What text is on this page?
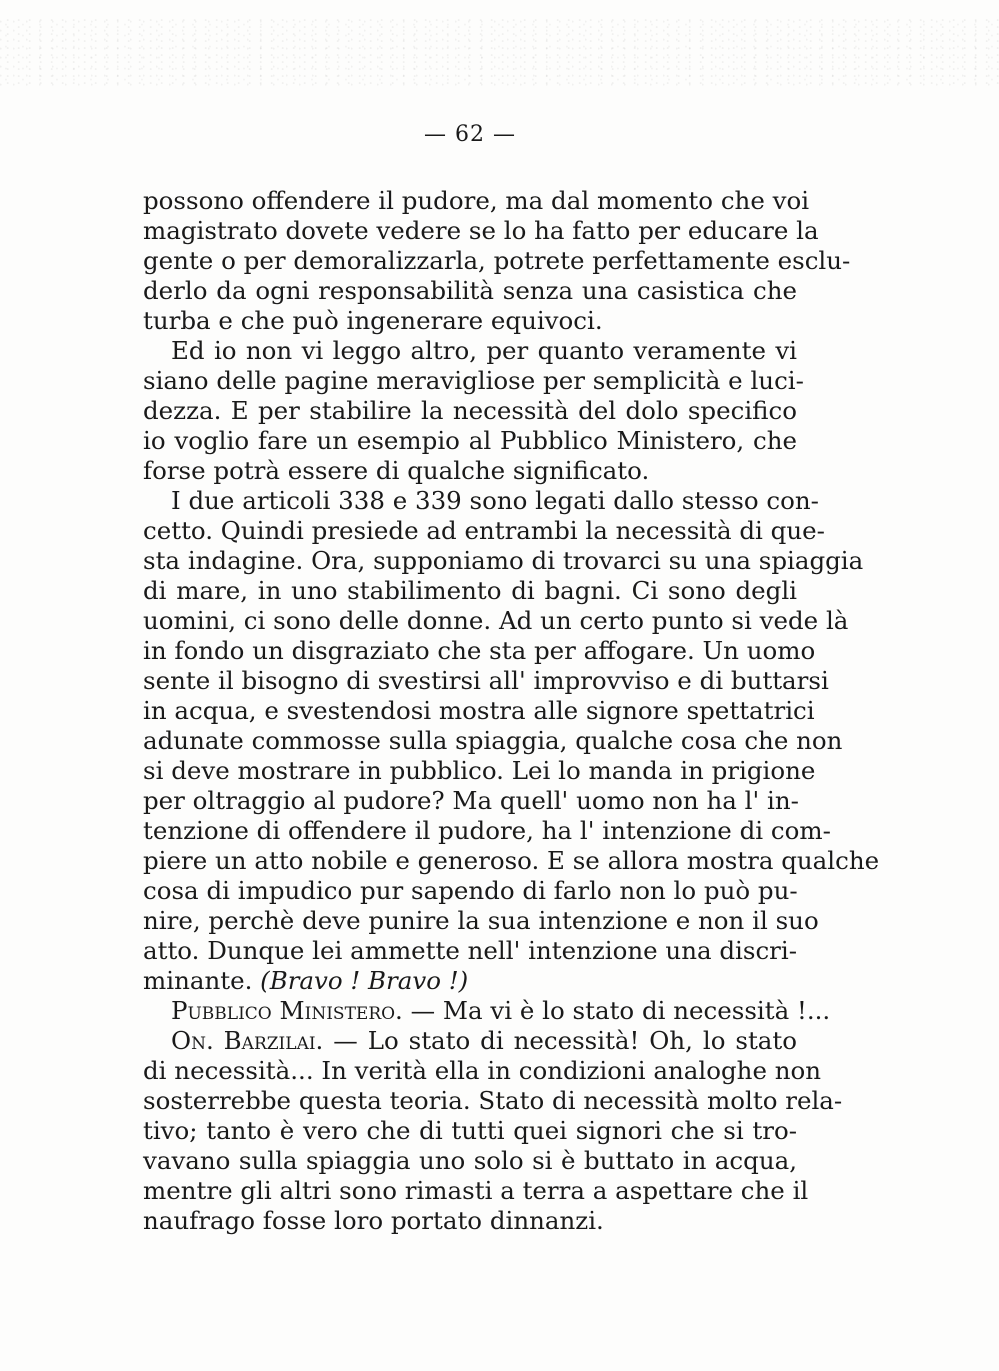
— 62 —
possono offendere il pudore, ma dal momento che voi
magistrato dovete vedere se lo ha fatto per educare la
gente o per demoralizzarla, potrete perfettamente esclu-
derlo da ogni responsabilità senza una casistica che
turba e che può ingenerare equivoci.
Ed io non vi leggo altro, per quanto veramente vi
siano delle pagine meravigliose per semplicità e luci-
dezza. E per stabilire la necessità del dolo specifico
io voglio fare un esempio al Pubblico Ministero, che
forse potrà essere di qualche significato.
I due articoli 338 e 339 sono legati dallo stesso con-
cetto. Quindi presiede ad entrambi la necessità di que-
sta indagine. Ora, supponiamo di trovarci su una spiaggia
di mare, in uno stabilimento di bagni. Ci sono degli
uomini, ci sono delle donne. Ad un certo punto si vede là
in fondo un disgraziato che sta per affogare. Un uomo
sente il bisogno di svestirsi all' improvviso e di buttarsi
in acqua, e svestendosi mostra alle signore spettatrici
adunate commosse sulla spiaggia, qualche cosa che non
si deve mostrare in pubblico. Lei lo manda in prigione
per oltraggio al pudore? Ma quell' uomo non ha l' in-
tenzione di offendere il pudore, ha l' intenzione di com-
piere un atto nobile e generoso. E se allora mostra qualche
cosa di impudico pur sapendo di farlo non lo può pu-
nire, perchè deve punire la sua intenzione e non il suo
atto. Dunque lei ammette nell' intenzione una discri-
minante. (Bravo ! Bravo !)
Pubblico Ministero. — Ma vi è lo stato di necessità !...
On. Barzilai. — Lo stato di necessità! Oh, lo stato
di necessità... In verità ella in condizioni analoghe non
sosterrebbe questa teoria. Stato di necessità molto rela-
tivo; tanto è vero che di tutti quei signori che si tro-
vavano sulla spiaggia uno solo si è buttato in acqua,
mentre gli altri sono rimasti a terra a aspettare che il
naufrago fosse loro portato dinnanzi.
